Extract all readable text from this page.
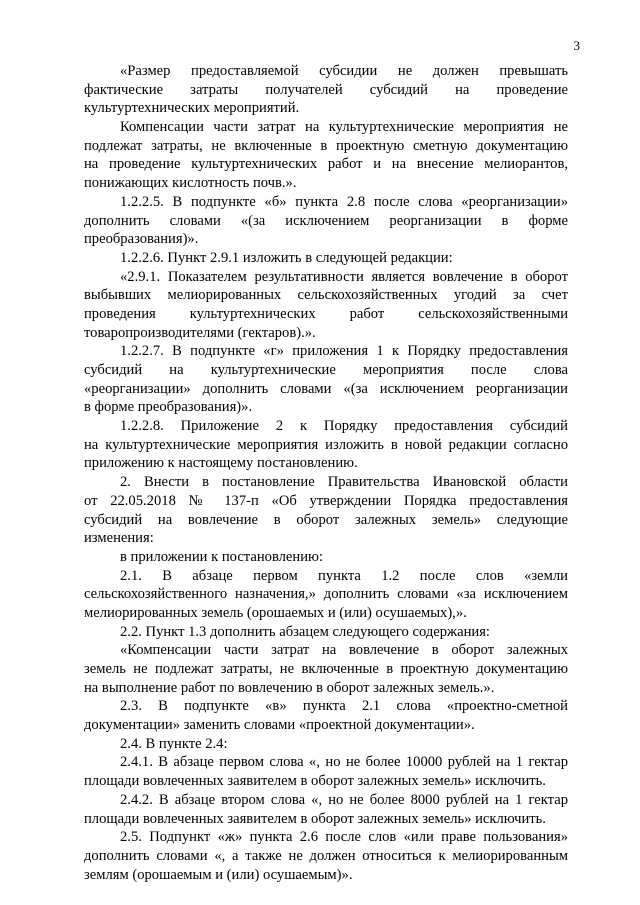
3
«Размер предоставляемой субсидии не должен превышать
фактические затраты получателей субсидий на проведение
культуртехнических мероприятий.
Компенсации части затрат на культуртехнические мероприятия не
подлежат затраты, не включенные в проектную сметную документацию
на проведение культуртехнических работ и на внесение мелиорантов,
понижающих кислотность почв.».
1.2.2.5. В подпункте «б» пункта 2.8 после слова «реорганизации»
дополнить словами «(за исключением реорганизации в форме
преобразования)».
1.2.2.6. Пункт 2.9.1 изложить в следующей редакции:
«2.9.1. Показателем результативности является вовлечение в оборот
выбывших мелиорированных сельскохозяйственных угодий за счет
проведения культуртехнических работ сельскохозяйственными
товаропроизводителями (гектаров).».
1.2.2.7. В подпункте «г» приложения 1 к Порядку предоставления
субсидий на культуртехнические мероприятия после слова
«реорганизации» дополнить словами «(за исключением реорганизации
в форме преобразования)».
1.2.2.8. Приложение 2 к Порядку предоставления субсидий
на культуртехнические мероприятия изложить в новой редакции согласно
приложению к настоящему постановлению.
2. Внести в постановление Правительства Ивановской области
от 22.05.2018 № 137-п «Об утверждении Порядка предоставления
субсидий на вовлечение в оборот залежных земель» следующие
изменения:
в приложении к постановлению:
2.1. В абзаце первом пункта 1.2 после слов «земли
сельскохозяйственного назначения,» дополнить словами «за исключением
мелиорированных земель (орошаемых и (или) осушаемых),».
2.2. Пункт 1.3 дополнить абзацем следующего содержания:
«Компенсации части затрат на вовлечение в оборот залежных
земель не подлежат затраты, не включенные в проектную документацию
на выполнение работ по вовлечению в оборот залежных земель.».
2.3. В подпункте «в» пункта 2.1 слова «проектно-сметной
документации» заменить словами «проектной документации».
2.4. В пункте 2.4:
2.4.1. В абзаце первом слова «, но не более 10000 рублей на 1 гектар
площади вовлеченных заявителем в оборот залежных земель» исключить.
2.4.2. В абзаце втором слова «, но не более 8000 рублей на 1 гектар
площади вовлеченных заявителем в оборот залежных земель» исключить.
2.5. Подпункт «ж» пункта 2.6 после слов «или праве пользования»
дополнить словами «, а также не должен относиться к мелиорированным
землям (орошаемым и (или) осушаемым)».
